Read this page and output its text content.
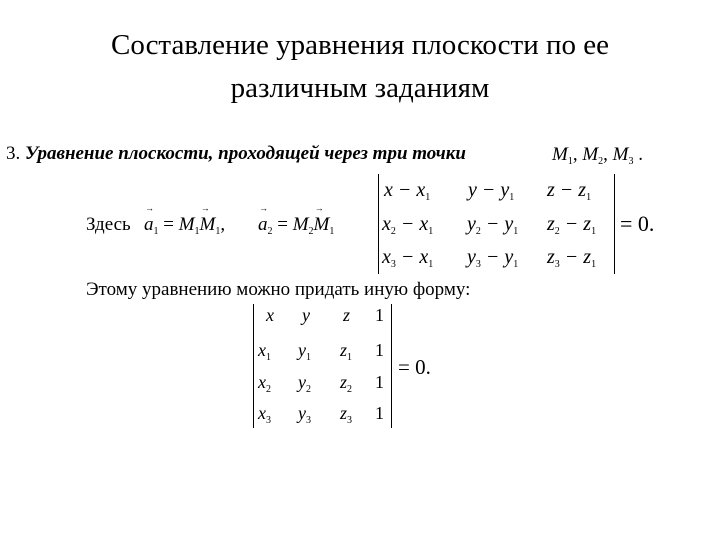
Составление уравнения плоскости по ее
различным заданиям
3. Уравнение плоскости, проходящей через три точки	$M_1$, $M_2$, $M_3$ .
Здесь
→
$a_1$ =
→
$M_1M_1$,
→
$a_2$ =
→
$M_2M_1$
$x - x_1$ $y - y_1$ $z - z_1$
$x_2 - x_1$ $y_2 - y_1$ $z_2 - z_1$
$x_3 - x_1$ $y_3 - y_1$ $z_3 - z_1$
= 0.
Этому уравнению можно придать иную форму:
x y z 1
$x_1$ $y_1$ $z_1$ 1
$x_2$ $y_2$ $z_2$ 1
$x_3$ $y_3$ $z_3$ 1
= 0.
